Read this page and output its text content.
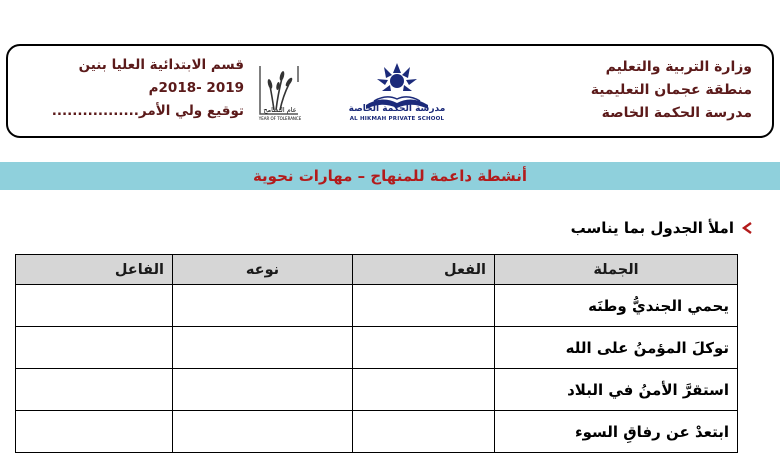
وزارة التربية والتعليم
منطقة عجمان التعليمية
مدرسة الحكمة الخاصة
مدرسة الحكمة الخاصة
AL HIKMAH PRIVATE SCHOOL
عام التسامح
YEAR OF TOLERANCE
قسم الابتدائية العليا بنين
2019 -2018م
توقيع ولي الأمر.................
أنشطة داعمة للمنهاج – مهارات نحوية
املأ الجدول بما يناسب
الجملة	الفعل	نوعه	الفاعل
يحمي الجنديُّ وطنَه			
توكلَ المؤمنُ على الله			
استقرَّ الأمنُ في البلاد			
ابتعدْ عن رفاقِ السوء			
